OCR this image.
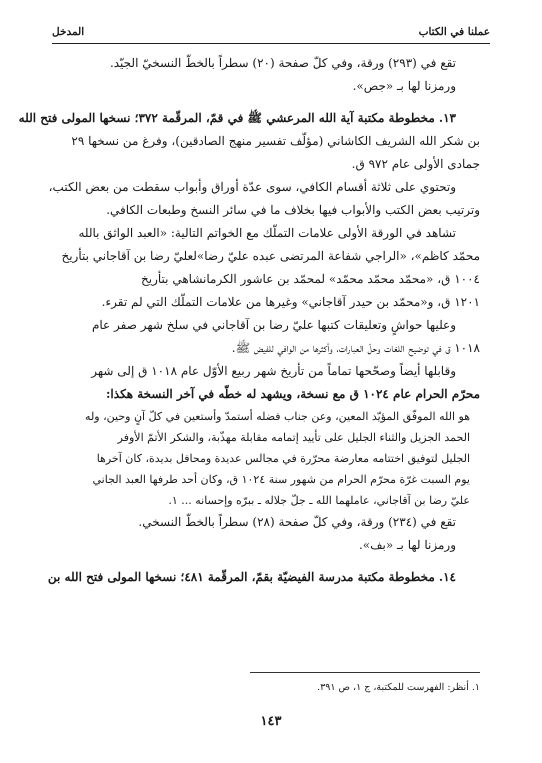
عملنا في الكتاب
المدخل
تقع في (٢٩٣) ورقة، وفي كلّ صفحة (٢٠) سطراً بالخطّ النسخيّ الجيّد.
ورمزنا لها بـ «جص».
١٣. مخطوطة مكتبة آية الله المرعشي ﷺ في قمّ، المرقّمة ٣٧٢؛ نسخها المولى فتح الله
بن شكر الله الشريف الكاشاني (مؤلّف تفسير منهج الصادقين)، وفرغ من نسخها ٢٩
جمادى الأولى عام ٩٧٢ ق.
وتحتوي على ثلاثة أقسام الكافي، سوى عدّة أوراق وأبواب سقطت من بعض الكتب،
وترتيب بعض الكتب والأبواب فيها بخلاف ما في سائر النسخ وطبعات الكافي.
تشاهد في الورقة الأولى علامات التملّك مع الخواتم التالية: «العبد الواثق بالله
محمّد كاظم»، «الراجي شفاعة المرتضى عبده عليّ رضا»لعليّ رضا بن آقاجاني بتأريخ
١٠٠٤ ق، «محمّد محمّد محمّد» لمحمّد بن عاشور الكرمانشاهي بتأريخ
١٢٠١ ق، و«محمّد بن حيدر آقاجاني» وغيرها من علامات التملّك التي لم تقرء.
وعليها حواشٍ وتعليقات كتبها عليّ رضا بن آقاجاني في سلخ شهر صفر عام
١٠١٨ ق في توضيح اللغات وحلّ العبارات، وأكثرها من الوافي للفيض ﷺ.
وقابلها أيضاً وصحّحها تماماً من تأريخ شهر ربيع الأوّل عام ١٠١٨ ق إلى شهر
محرّم الحرام عام ١٠٢٤ ق مع نسخة، ويشهد له خطّه في آخر النسخة هكذا:
هو الله الموفّق المؤيّد المعين، وعن جناب فضله أستمدّ وأستعين في كلّ آنٍ وحين، وله
الحمد الجزيل والثناء الجليل على تأييد إتمامه مقابلة مهذّبة، والشكر الأتمّ الأوفر
الجليل لتوفيق اختتامه معارضة محرّرة في مجالس عديدة ومحافل بديدة، كان آخرها
يوم السبت غرّة محرّم الحرام من شهور سنة ١٠٢٤ ق، وكان أحد طرفها العبد الجاني
عليّ رضا بن آقاجاني، عاملهما الله ـ جلّ جلاله ـ ببرّه وإحسانه ... ١.
تقع في (٢٣٤) ورقة، وفي كلّ صفحة (٢٨) سطراً بالخطّ النسخي.
ورمزنا لها بـ «بف».
١٤. مخطوطة مكتبة مدرسة الفيضيّة بقمّ، المرقّمة ٤٨١؛ نسخها المولى فتح الله بن
١. أنظر: الفهرست للمكتبة، ج ١، ص ٣٩١.
١٤٣
